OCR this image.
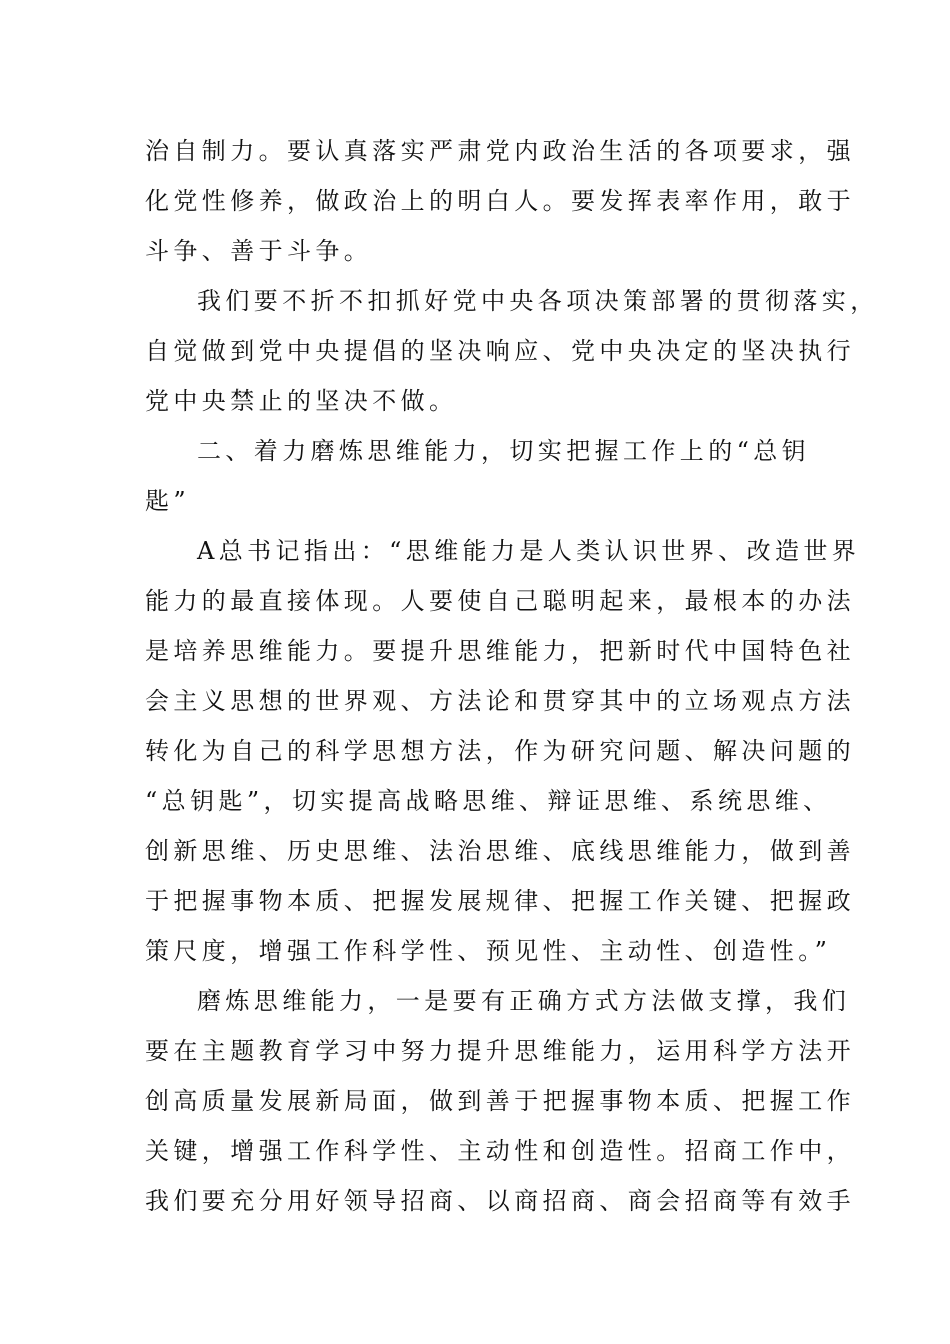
治自制力。要认真落实严肃党内政治生活的各项要求，强
化党性修养，做政治上的明白人。要发挥表率作用，敢于
斗争、善于斗争。
我们要不折不扣抓好党中央各项决策部署的贯彻落实，
自觉做到党中央提倡的坚决响应、党中央决定的坚决执行
党中央禁止的坚决不做。
二、着力磨炼思维能力，切实把握工作上的“总钥
匙”
A总书记指出：“思维能力是人类认识世界、改造世界
能力的最直接体现。人要使自己聪明起来，最根本的办法
是培养思维能力。要提升思维能力，把新时代中国特色社
会主义思想的世界观、方法论和贯穿其中的立场观点方法
转化为自己的科学思想方法，作为研究问题、解决问题的
“总钥匙”，切实提高战略思维、辩证思维、系统思维、
创新思维、历史思维、法治思维、底线思维能力，做到善
于把握事物本质、把握发展规律、把握工作关键、把握政
策尺度，增强工作科学性、预见性、主动性、创造性。”
磨炼思维能力，一是要有正确方式方法做支撑，我们
要在主题教育学习中努力提升思维能力，运用科学方法开
创高质量发展新局面，做到善于把握事物本质、把握工作
关键，增强工作科学性、主动性和创造性。招商工作中，
我们要充分用好领导招商、以商招商、商会招商等有效手
